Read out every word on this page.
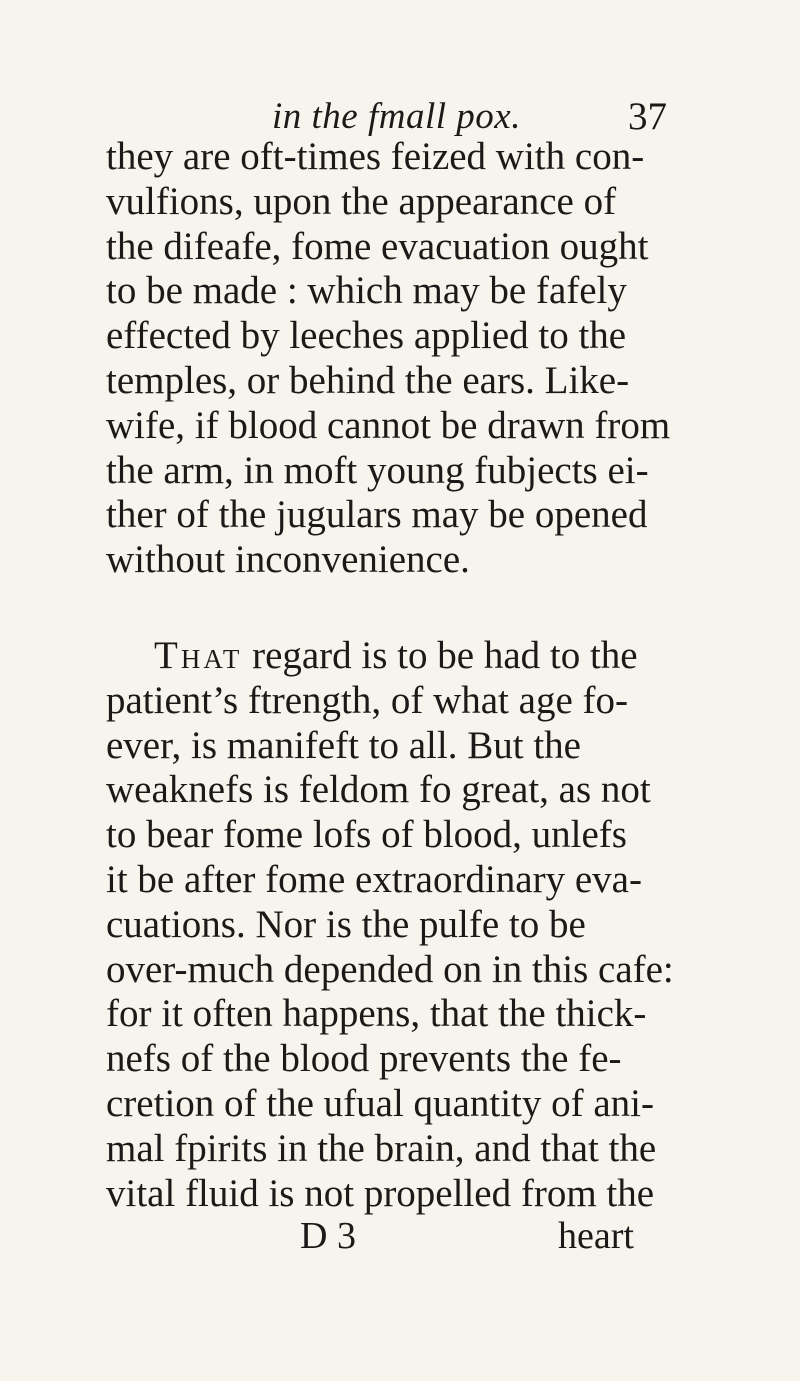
in the fmall pox.	37
they are oft-times feized with con-
vulfions, upon the appearance of
the difeafe, fome evacuation ought
to be made : which may be fafely
effected by leeches applied to the
temples, or behind the ears. Like-
wife, if blood cannot be drawn from
the arm, in moft young fubjects ei-
ther of the jugulars may be opened
without inconvenience.
That regard is to be had to the
patient’s ftrength, of what age fo-
ever, is manifeft to all. But the
weaknefs is feldom fo great, as not
to bear fome lofs of blood, unlefs
it be after fome extraordinary eva-
cuations. Nor is the pulfe to be
over-much depended on in this cafe:
for it often happens, that the thick-
nefs of the blood prevents the fe-
cretion of the ufual quantity of ani-
mal fpirits in the brain, and that the
vital fluid is not propelled from the
D 3	heart
